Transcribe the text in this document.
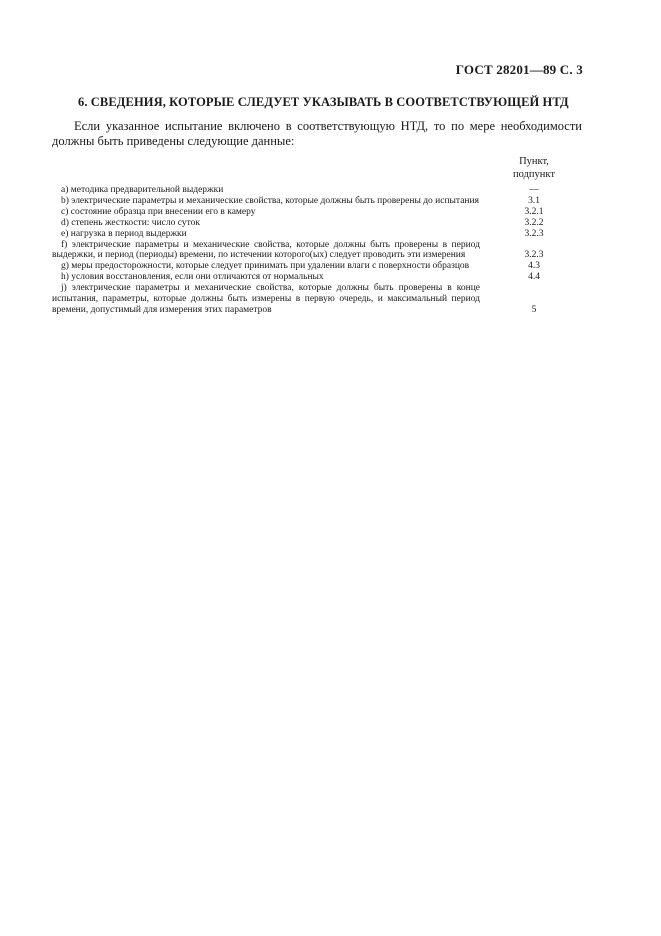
ГОСТ 28201—89 С. 3
6. СВЕДЕНИЯ, КОТОРЫЕ СЛЕДУЕТ УКАЗЫВАТЬ В СООТВЕТСТВУЮЩЕЙ НТД
Если указанное испытание включено в соответствующую НТД, то по мере необходимости должны быть приведены следующие данные:
Пункт,
подпункт
a) методика предварительной выдержки	—
b) электрические параметры и механические свойства, которые должны быть проверены до испытания	3.1
c) состояние образца при внесении его в камеру	3.2.1
d) степень жесткости: число суток	3.2.2
e) нагрузка в период выдержки	3.2.3
f) электрические параметры и механические свойства, которые должны быть проверены в период выдержки, и период (периоды) времени, по истечении которого(ых) следует проводить эти измерения	3.2.3
g) меры предосторожности, которые следует принимать при удалении влаги с поверхности образцов	4.3
h) условия восстановления, если они отличаются от нормальных	4.4
j) электрические параметры и механические свойства, которые должны быть проверены в конце испытания, параметры, которые должны быть измерены в первую очередь, и максимальный период времени, допустимый для измерения этих параметров	5
